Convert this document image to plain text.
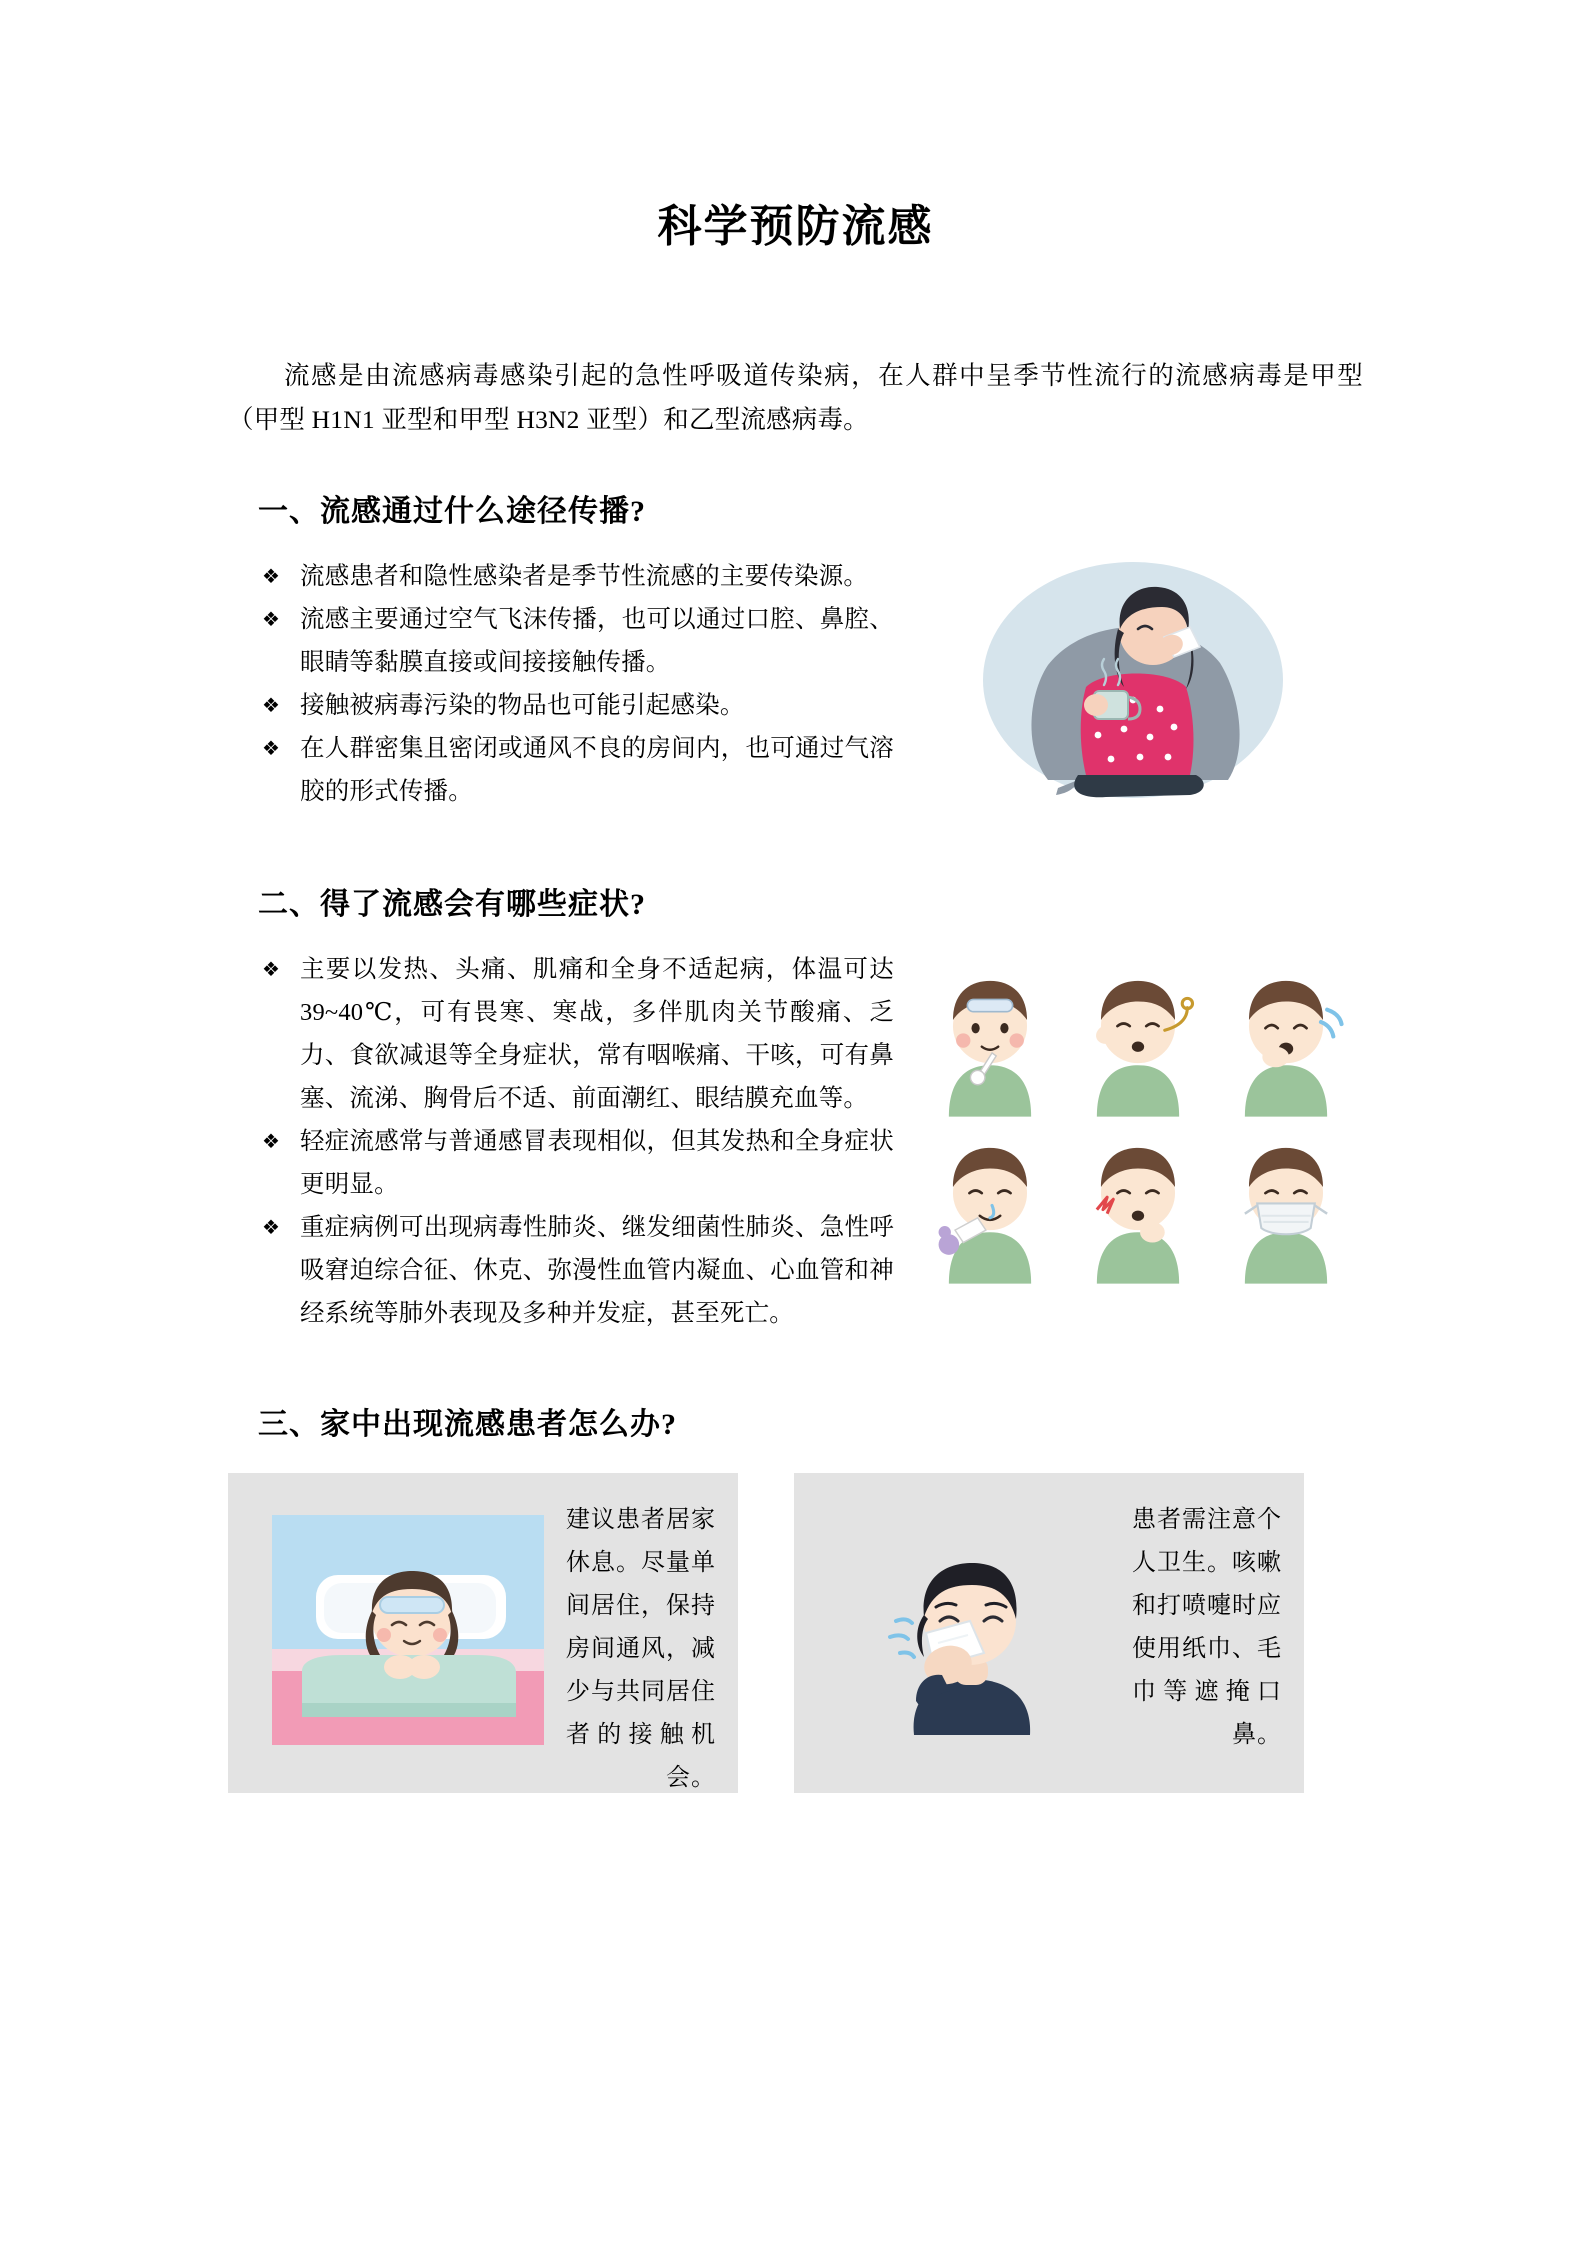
科学预防流感

流感是由流感病毒感染引起的急性呼吸道传染病，在人群中呈季节性流行的流感病毒是甲型（甲型 H1N1 亚型和甲型 H3N2 亚型）和乙型流感病毒。

一、流感通过什么途径传播?
❖ 流感患者和隐性感染者是季节性流感的主要传染源。
❖ 流感主要通过空气飞沫传播，也可以通过口腔、鼻腔、眼睛等黏膜直接或间接接触传播。
❖ 接触被病毒污染的物品也可能引起感染。
❖ 在人群密集且密闭或通风不良的房间内，也可通过气溶胶的形式传播。
二、得了流感会有哪些症状?
❖ 主要以发热、头痛、肌痛和全身不适起病，体温可达 39~40℃，可有畏寒、寒战，多伴肌肉关节酸痛、乏力、食欲减退等全身症状，常有咽喉痛、干咳，可有鼻塞、流涕、胸骨后不适、前面潮红、眼结膜充血等。
❖ 轻症流感常与普通感冒表现相似，但其发热和全身症状更明显。
❖ 重症病例可出现病毒性肺炎、继发细菌性肺炎、急性呼吸窘迫综合征、休克、弥漫性血管内凝血、心血管和神经系统等肺外表现及多种并发症，甚至死亡。
三、家中出现流感患者怎么办?
建议患者居家休息。尽量单间居住，保持房间通风，减少与共同居住者的接触机会。
患者需注意个人卫生。咳嗽和打喷嚏时应使用纸巾、毛巾等遮掩口鼻。
